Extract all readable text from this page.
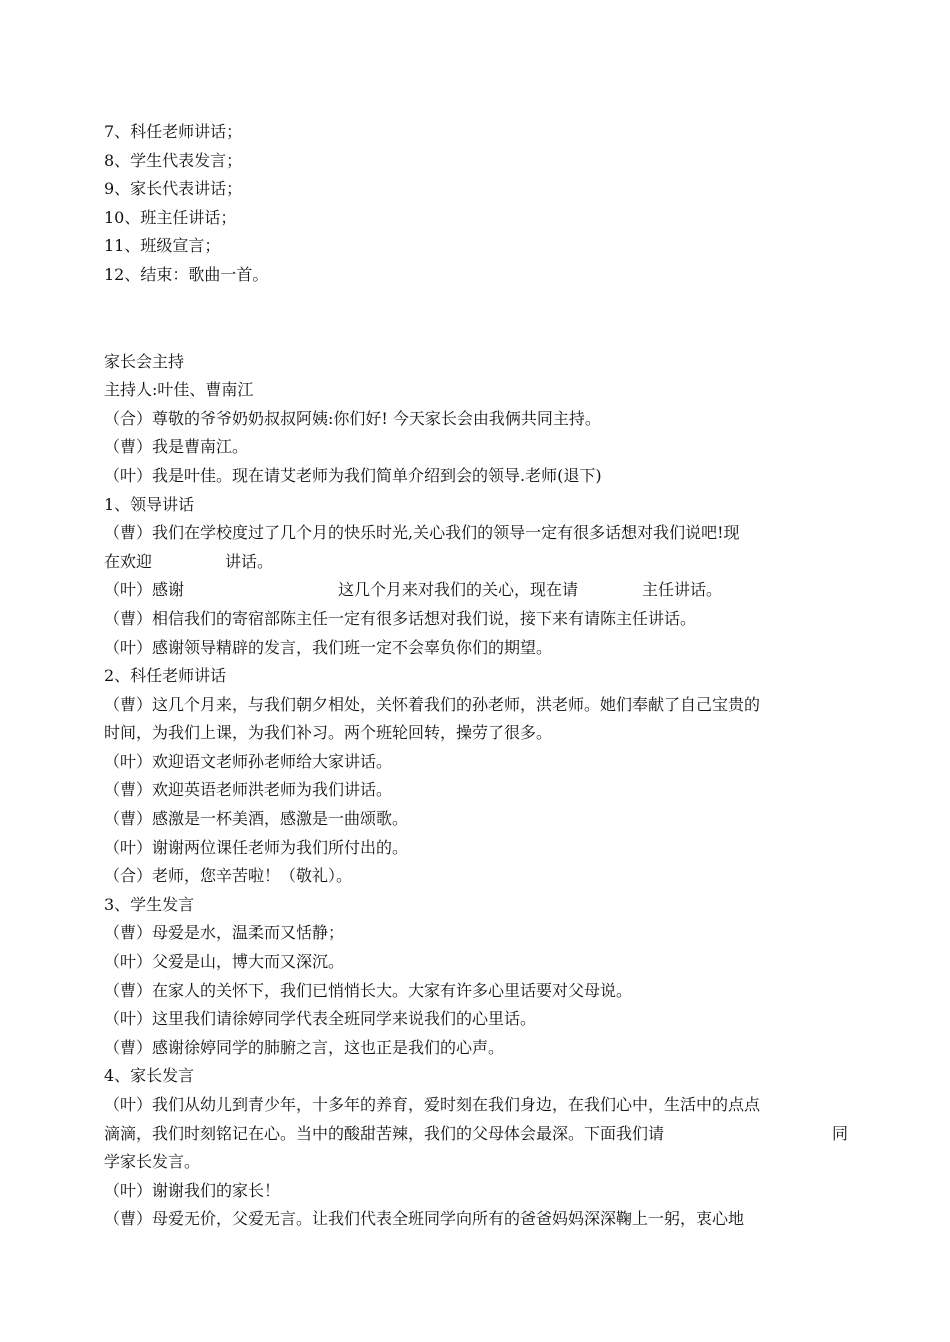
7、科任老师讲话；
8、学生代表发言；
9、家长代表讲话；
10、班主任讲话；
11、班级宣言；
12、结束：歌曲一首。
家长会主持
主持人:叶佳、曹南江
（合）尊敬的爷爷奶奶叔叔阿姨:你们好! 今天家长会由我俩共同主持。
（曹）我是曹南江。
（叶）我是叶佳。现在请艾老师为我们简单介绍到会的领导.老师(退下)
1、领导讲话
（曹）我们在学校度过了几个月的快乐时光,关心我们的领导一定有很多话想对我们说吧!现
在欢迎	讲话。
（叶）感谢	这几个月来对我们的关心，现在请	主任讲话。
（曹）相信我们的寄宿部陈主任一定有很多话想对我们说，接下来有请陈主任讲话。
（叶）感谢领导精辟的发言，我们班一定不会辜负你们的期望。
2、科任老师讲话
（曹）这几个月来，与我们朝夕相处，关怀着我们的孙老师，洪老师。她们奉献了自己宝贵的
时间，为我们上课，为我们补习。两个班轮回转，操劳了很多。
（叶）欢迎语文老师孙老师给大家讲话。
（曹）欢迎英语老师洪老师为我们讲话。
（曹）感激是一杯美酒，感激是一曲颂歌。
（叶）谢谢两位课任老师为我们所付出的。
（合）老师，您辛苦啦！（敬礼）。
3、学生发言
（曹）母爱是水，温柔而又恬静；
（叶）父爱是山，博大而又深沉。
（曹）在家人的关怀下，我们已悄悄长大。大家有许多心里话要对父母说。
（叶）这里我们请徐婷同学代表全班同学来说我们的心里话。
（曹）感谢徐婷同学的肺腑之言，这也正是我们的心声。
4、家长发言
（叶）我们从幼儿到青少年，十多年的养育，爱时刻在我们身边，在我们心中，生活中的点点
滴滴，我们时刻铭记在心。当中的酸甜苦辣，我们的父母体会最深。下面我们请	同
学家长发言。
（叶）谢谢我们的家长！
（曹）母爱无价，父爱无言。让我们代表全班同学向所有的爸爸妈妈深深鞠上一躬，衷心地
